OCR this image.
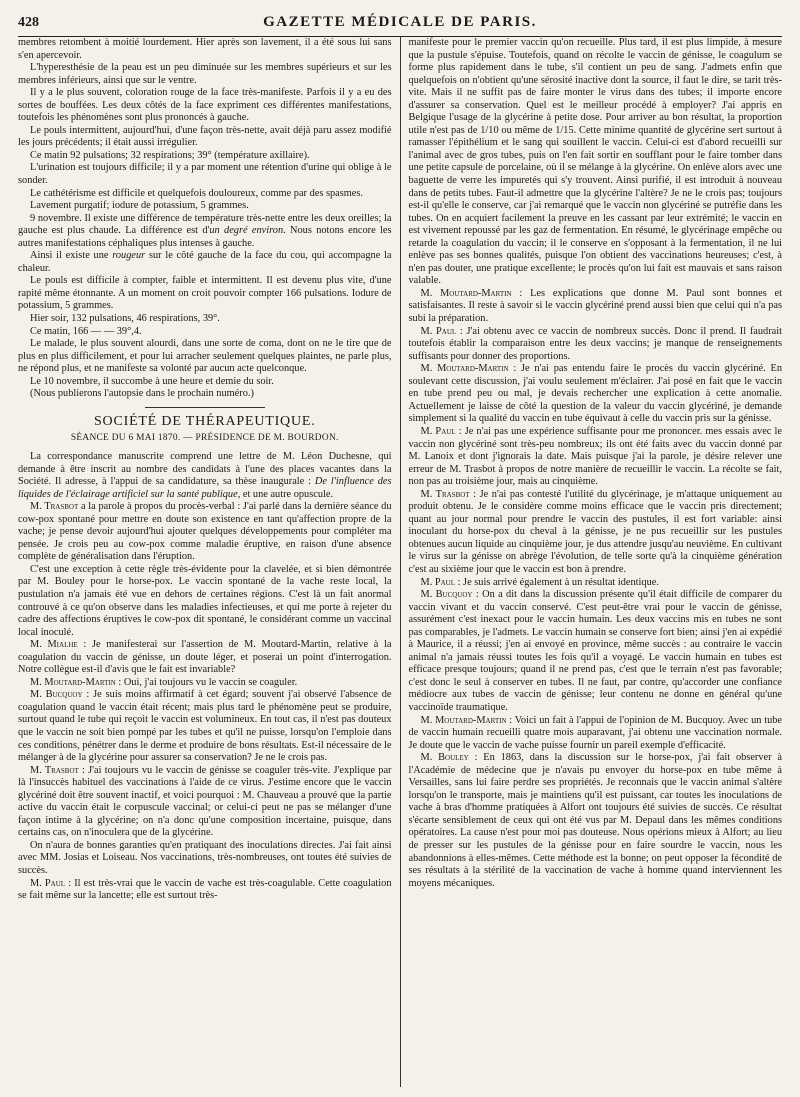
428	GAZETTE MÉDICALE DE PARIS.

membres retombent à moitié lourdement. Hier après son lavement, il a été sous lui sans s'en apercevoir.

L'hyperesthésie de la peau est un peu diminuée sur les membres supérieurs et sur les membres inférieurs, ainsi que sur le ventre.

Il y a le plus souvent, coloration rouge de la face très-manifeste. Parfois il y a eu des sortes de bouffées. Les deux côtés de la face expriment ces différentes manifestations, toutefois les phénomènes sont plus prononcés à gauche.

Le pouls intermittent, aujourd'hui, d'une façon très-nette, avait déjà paru assez modifié les jours précédents; il était aussi irrégulier.

Ce matin 92 pulsations; 32 respirations; 39° (température axillaire).

L'urination est toujours difficile; il y a par moment une rétention d'urine qui oblige à le sonder.

Le cathétérisme est difficile et quelquefois douloureux, comme par des spasmes.

Lavement purgatif; iodure de potassium, 5 grammes.

9 novembre. Il existe une différence de température très-nette entre les deux oreilles; la gauche est plus chaude. La différence est d'un degré environ. Nous notons encore les autres manifestations céphaliques plus intenses à gauche.

Ainsi il existe une rougeur sur le côté gauche de la face du cou, qui accompagne la chaleur.

Le pouls est difficile à compter, faible et intermittent. Il est devenu plus vite, d'une rapité même étonnante. A un moment on croit pouvoir compter 166 pulsations. Iodure de potassium, 5 grammes.

Hier soir, 132 pulsations, 46 respirations, 39°.

Ce matin, 166 — — 39°,4.

Le malade, le plus souvent alourdi, dans une sorte de coma, dont on ne le tire que de plus en plus difficilement, et pour lui arracher seulement quelques plaintes, ne parle plus, ne répond plus, et ne manifeste sa volonté par aucun acte quelconque.

Le 10 novembre, il succombe à une heure et demie du soir.

(Nous publierons l'autopsie dans le prochain numéro.)

SOCIÉTÉ DE THÉRAPEUTIQUE.
SÉANCE DU 6 MAI 1870. — PRÉSIDENCE DE M. BOURDON.

La correspondance manuscrite comprend une lettre de M. Léon Duchesne, qui demande à être inscrit au nombre des candidats à l'une des places vacantes dans la Société. Il adresse, à l'appui de sa candidature, sa thèse inaugurale : De l'influence des liquides de l'éclairage artificiel sur la santé publique, et une autre opuscule.

M. Trasbot a la parole à propos du procès-verbal : J'ai parlé dans la dernière séance du cow-pox spontané pour mettre en doute son existence en tant qu'affection propre de la vache; je pense devoir aujourd'hui ajouter quelques développements pour compléter ma pensée. Je crois peu au cow-pox comme maladie éruptive, en raison d'une absence complète de généralisation dans l'éruption.

C'est une exception à cette règle très-évidente pour la clavelée, et si bien démontrée par M. Bouley pour le horse-pox. Le vaccin spontané de la vache reste local, la pustulation n'a jamais été vue en dehors de certaines régions. C'est là un fait anormal controuvé à ce qu'on observe dans les maladies infectieuses, et qui me porte à rejeter du cadre des affections éruptives le cow-pox dit spontané, le considérant comme un vaccinal local inoculé.

M. Mialhe : Je manifesterai sur l'assertion de M. Moutard-Martin, relative à la coagulation du vaccin de génisse, un doute léger, et poserai un point d'interrogation. Notre collègue est-il d'avis que le fait est invariable?

M. Moutard-Martin : Oui, j'ai toujours vu le vaccin se coaguler.

M. Bucquoy : Je suis moins affirmatif à cet égard; souvent j'ai observé l'absence de coagulation quand le vaccin était récent; mais plus tard le phénomène peut se produire, surtout quand le tube qui reçoit le vaccin est volumineux. En tout cas, il n'est pas douteux que le vaccin ne soit bien pompé par les tubes et qu'il ne puisse, lorsqu'on l'emploie dans ces conditions, pénétrer dans le derme et produire de bons résultats. Est-il nécessaire de le mélanger à de la glycérine pour assurer sa conservation? Je ne le crois pas.

M. Trasbot : J'ai toujours vu le vaccin de génisse se coaguler très-vite. J'explique par là l'insuccès habituel des vaccinations à l'aide de ce virus. J'estime encore que le vaccin glycériné doit être souvent inactif, et voici pourquoi : M. Chauveau a prouvé que la partie active du vaccin était le corpuscule vaccinal; or celui-ci peut ne pas se mélanger d'une façon intime à la glycérine; on n'a donc qu'une composition incertaine, puisque, dans certains cas, on n'inoculera que de la glycérine.

On n'aura de bonnes garanties qu'en pratiquant des inoculations directes. J'ai fait ainsi avec MM. Josias et Loiseau. Nos vaccinations, très-nombreuses, ont toutes été suivies de succès.

M. Paul : Il est très-vrai que le vaccin de vache est très-coagulable. Cette coagulation se fait même sur la lancette; elle est surtout très-

manifeste pour le premier vaccin qu'on recueille. Plus tard, il est plus limpide, à mesure que la pustule s'épuise. Toutefois, quand on récolte le vaccin de génisse, le coagulum se forme plus rapidement dans le tube, s'il contient un peu de sang. J'admets enfin que quelquefois on n'obtient qu'une sérosité inactive dont la source, il faut le dire, se tarit très-vite. Mais il ne suffit pas de faire monter le virus dans des tubes; il importe encore d'assurer sa conservation. Quel est le meilleur procédé à employer? J'ai appris en Belgique l'usage de la glycérine à petite dose. Pour arriver au bon résultat, la proportion utile n'est pas de 1/10 ou même de 1/15. Cette minime quantité de glycérine sert surtout à ramasser l'épithélium et le sang qui souillent le vaccin. Celui-ci est d'abord recueilli sur l'animal avec de gros tubes, puis on l'en fait sortir en soufflant pour le faire tomber dans une petite capsule de porcelaine, où il se mélange à la glycérine. On enlève alors avec une baguette de verre les impuretés qui s'y trouvent. Ainsi purifié, il est introduit à nouveau dans de petits tubes. Faut-il admettre que la glycérine l'altère? Je ne le crois pas; toujours est-il qu'elle le conserve, car j'ai remarqué que le vaccin non glycériné se putréfie dans les tubes. On en acquiert facilement la preuve en les cassant par leur extrémité; le vaccin en est vivement repoussé par les gaz de fermentation. En résumé, le glycérinage empêche ou retarde la coagulation du vaccin; il le conserve en s'opposant à la fermentation, il ne lui enlève pas ses bonnes qualités, puisque l'on obtient des vaccinations heureuses; c'est, à n'en pas douter, une pratique excellente; le procès qu'on lui fait est mauvais et sans raison valable.

M. Moutard-Martin : Les explications que donne M. Paul sont bonnes et satisfaisantes. Il reste à savoir si le vaccin glycériné prend aussi bien que celui qui n'a pas subi la préparation.

M. Paul : J'ai obtenu avec ce vaccin de nombreux succès. Donc il prend. Il faudrait toutefois établir la comparaison entre les deux vaccins; je manque de renseignements suffisants pour donner des proportions.

M. Moutard-Martin : Je n'ai pas entendu faire le procès du vaccin glycériné. En soulevant cette discussion, j'ai voulu seulement m'éclairer. J'ai posé en fait que le vaccin en tube prend peu ou mal, je devais rechercher une explication à cette anomalie. Actuellement je laisse de côté la question de la valeur du vaccin glycériné, je demande simplement si la qualité du vaccin en tube équivaut à celle du vaccin pris sur la génisse.

M. Paul : Je n'ai pas une expérience suffisante pour me prononcer. mes essais avec le vaccin non glycériné sont très-peu nombreux; ils ont été faits avec du vaccin donné par M. Lanoix et dont j'ignorais la date. Mais puisque j'ai la parole, je désire relever une erreur de M. Trasbot à propos de notre manière de recueillir le vaccin. La récolte se fait, non pas au troisième jour, mais au cinquième.

M. Trasbot : Je n'ai pas contesté l'utilité du glycérinage, je m'attaque uniquement au produit obtenu. Je le considère comme moins efficace que le vaccin pris directement; quant au jour normal pour prendre le vaccin des pustules, il est fort variable: ainsi inoculant du horse-pox du cheval à la génisse, je ne pus recueillir sur les pustules obtenues aucun liquide au cinquième jour, je dus attendre jusqu'au neuvième. En cultivant le virus sur la génisse on abrège l'évolution, de telle sorte qu'à la cinquième génération c'est au sixième jour que le vaccin est bon à prendre.

M. Paul : Je suis arrivé également à un résultat identique.

M. Bucquoy : On a dit dans la discussion présente qu'il était difficile de comparer du vaccin vivant et du vaccin conservé. C'est peut-être vrai pour le vaccin de génisse, assurément c'est inexact pour le vaccin humain. Les deux vaccins mis en tubes ne sont pas comparables, je l'admets. Le vaccin humain se conserve fort bien; ainsi j'en ai expédié à Maurice, il a réussi; j'en ai envoyé en province, même succès : au contraire le vaccin animal n'a jamais réussi toutes les fois qu'il a voyagé. Le vaccin humain en tubes est efficace presque toujours; quand il ne prend pas, c'est que le terrain n'est pas favorable; c'est donc le seul à conserver en tubes. Il ne faut, par contre, qu'accorder une confiance médiocre aux tubes de vaccin de génisse; leur contenu ne donne en général qu'une vaccinoïde traumatique.

M. Moutard-Martin : Voici un fait à l'appui de l'opinion de M. Bucquoy. Avec un tube de vaccin humain recueilli quatre mois auparavant, j'ai obtenu une vaccination normale. Je doute que le vaccin de vache puisse fournir un pareil exemple d'efficacité.

M. Bouley : En 1863, dans la discussion sur le horse-pox, j'ai fait observer à l'Académie de médecine que je n'avais pu envoyer du horse-pox en tube même à Versailles, sans lui faire perdre ses propriétés. Je reconnais que le vaccin animal s'altère lorsqu'on le transporte, mais je maintiens qu'il est puissant, car toutes les inoculations de vache à bras d'homme pratiquées à Alfort ont toujours été suivies de succès. Ce résultat s'écarte sensiblement de ceux qui ont été vus par M. Depaul dans les mêmes conditions opératoires. La cause n'est pour moi pas douteuse. Nous opérions mieux à Alfort; au lieu de presser sur les pustules de la génisse pour en faire sourdre le vaccin, nous les abandonnions à elles-mêmes. Cette méthode est la bonne; on peut opposer la fécondité de ses résultats à la stérilité de la vaccination de vache à homme quand interviennent les moyens mécaniques.
